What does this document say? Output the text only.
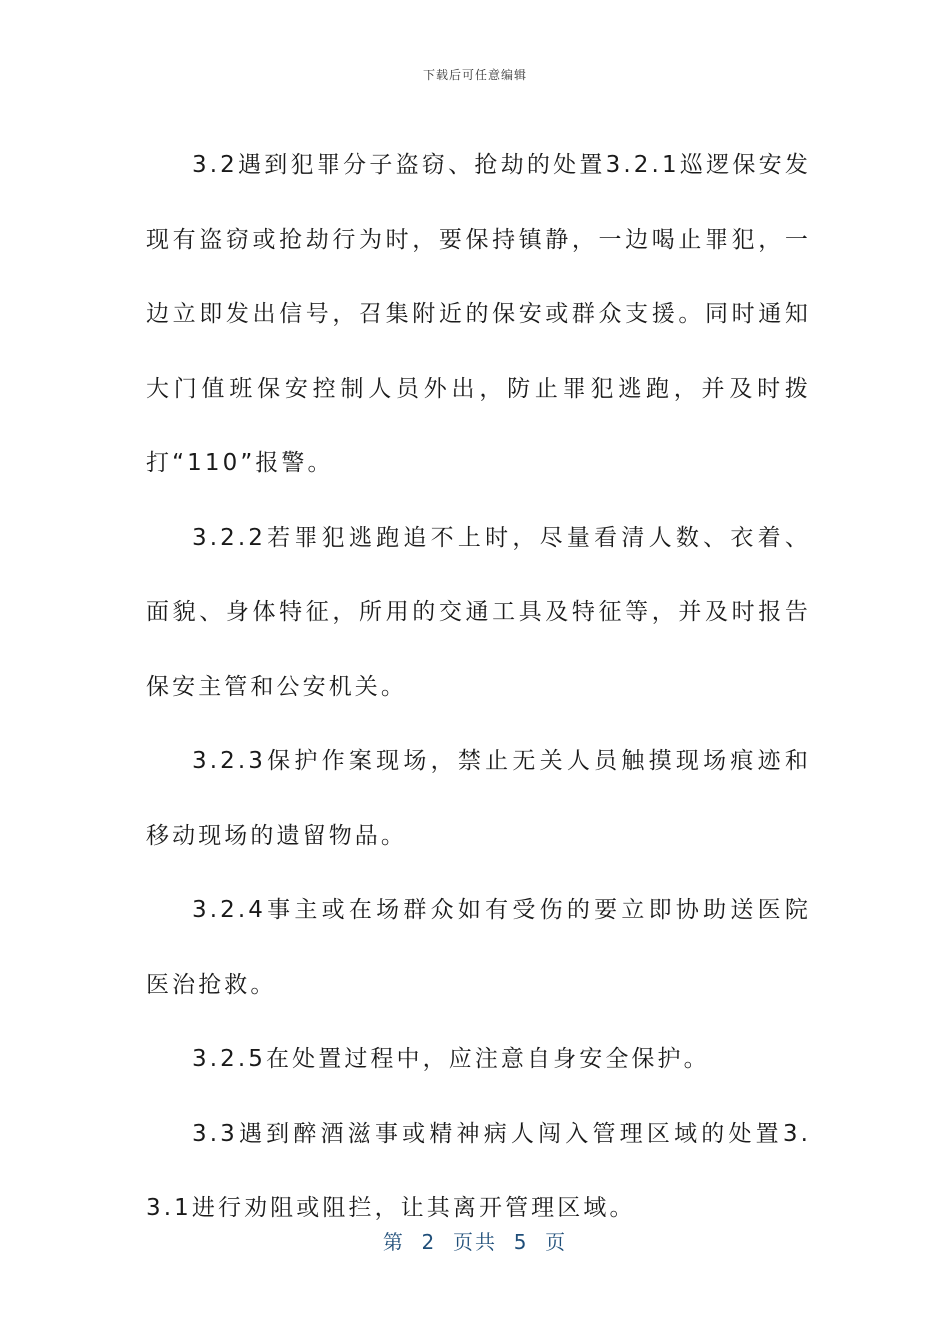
下载后可任意编辑

3.2遇到犯罪分子盗窃、抢劫的处置3.2.1巡逻保安发现有盗窃或抢劫行为时，要保持镇静，一边喝止罪犯，一边立即发出信号，召集附近的保安或群众支援。同时通知大门值班保安控制人员外出，防止罪犯逃跑，并及时拨打“110”报警。

3.2.2若罪犯逃跑追不上时，尽量看清人数、衣着、面貌、身体特征，所用的交通工具及特征等，并及时报告保安主管和公安机关。

3.2.3保护作案现场，禁止无关人员触摸现场痕迹和移动现场的遗留物品。

3.2.4事主或在场群众如有受伤的要立即协助送医院医治抢救。

3.2.5在处置过程中，应注意自身安全保护。

3.3遇到醉酒滋事或精神病人闯入管理区域的处置3.3.1进行劝阻或阻拦，让其离开管理区域。

第  2  页共  5  页
